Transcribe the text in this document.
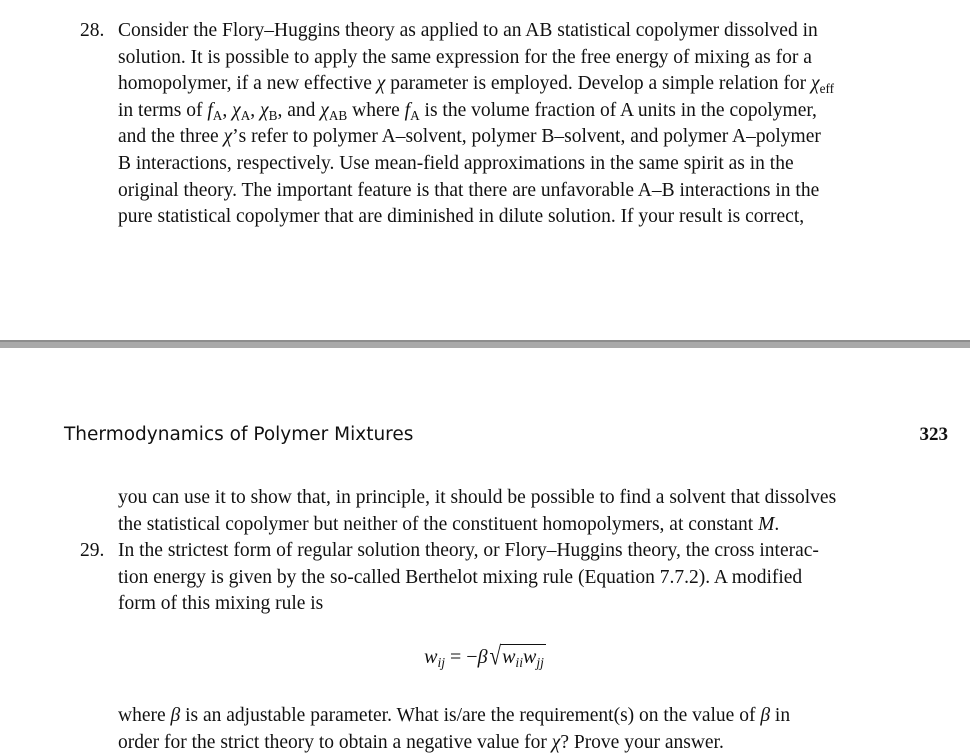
28. Consider the Flory–Huggins theory as applied to an AB statistical copolymer dissolved in
solution. It is possible to apply the same expression for the free energy of mixing as for a
homopolymer, if a new effective χ parameter is employed. Develop a simple relation for $\chi_{eff}$
in terms of $f_A$, $\chi_A$, $\chi_B$, and $\chi_{AB}$ where $f_A$ is the volume fraction of A units in the copolymer,
and the three χ’s refer to polymer A–solvent, polymer B–solvent, and polymer A–polymer
B interactions, respectively. Use mean-field approximations in the same spirit as in the
original theory. The important feature is that there are unfavorable A–B interactions in the
pure statistical copolymer that are diminished in dilute solution. If your result is correct,
Thermodynamics of Polymer Mixtures	323
you can use it to show that, in principle, it should be possible to find a solvent that dissolves
the statistical copolymer but neither of the constituent homopolymers, at constant M.
29. In the strictest form of regular solution theory, or Flory–Huggins theory, the cross interac-
tion energy is given by the so-called Berthelot mixing rule (Equation 7.7.2). A modified
form of this mixing rule is
$w_{ij} = -\beta√w_{ii}w_{jj}$
where β is an adjustable parameter. What is/are the requirement(s) on the value of β in
order for the strict theory to obtain a negative value for χ? Prove your answer.
